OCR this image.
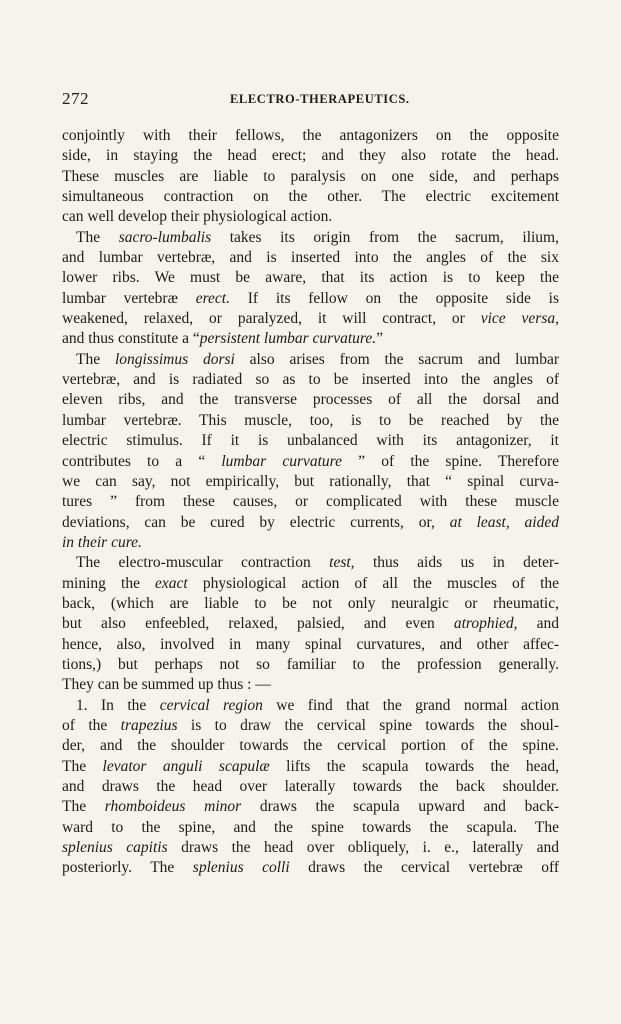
272	ELECTRO-THERAPEUTICS.
conjointly with their fellows, the antagonizers on the opposite
side, in staying the head erect; and they also rotate the head.
These muscles are liable to paralysis on one side, and perhaps
simultaneous contraction on the other. The electric excitement
can well develop their physiological action.
The sacro-lumbalis takes its origin from the sacrum, ilium,
and lumbar vertebræ, and is inserted into the angles of the six
lower ribs. We must be aware, that its action is to keep the
lumbar vertebræ erect. If its fellow on the opposite side is
weakened, relaxed, or paralyzed, it will contract, or vice versa,
and thus constitute a “persistent lumbar curvature.”
The longissimus dorsi also arises from the sacrum and lumbar
vertebræ, and is radiated so as to be inserted into the angles of
eleven ribs, and the transverse processes of all the dorsal and
lumbar vertebræ. This muscle, too, is to be reached by the
electric stimulus. If it is unbalanced with its antagonizer, it
contributes to a “ lumbar curvature ” of the spine. Therefore
we can say, not empirically, but rationally, that “ spinal curva-
tures ” from these causes, or complicated with these muscle
deviations, can be cured by electric currents, or, at least, aided
in their cure.
The electro-muscular contraction test, thus aids us in deter-
mining the exact physiological action of all the muscles of the
back, (which are liable to be not only neuralgic or rheumatic,
but also enfeebled, relaxed, palsied, and even atrophied, and
hence, also, involved in many spinal curvatures, and other affec-
tions,) but perhaps not so familiar to the profession generally.
They can be summed up thus : —
1. In the cervical region we find that the grand normal action
of the trapezius is to draw the cervical spine towards the shoul-
der, and the shoulder towards the cervical portion of the spine.
The levator anguli scapulæ lifts the scapula towards the head,
and draws the head over laterally towards the back shoulder.
The rhomboideus minor draws the scapula upward and back-
ward to the spine, and the spine towards the scapula. The
splenius capitis draws the head over obliquely, i. e., laterally and
posteriorly. The splenius colli draws the cervical vertebræ off
